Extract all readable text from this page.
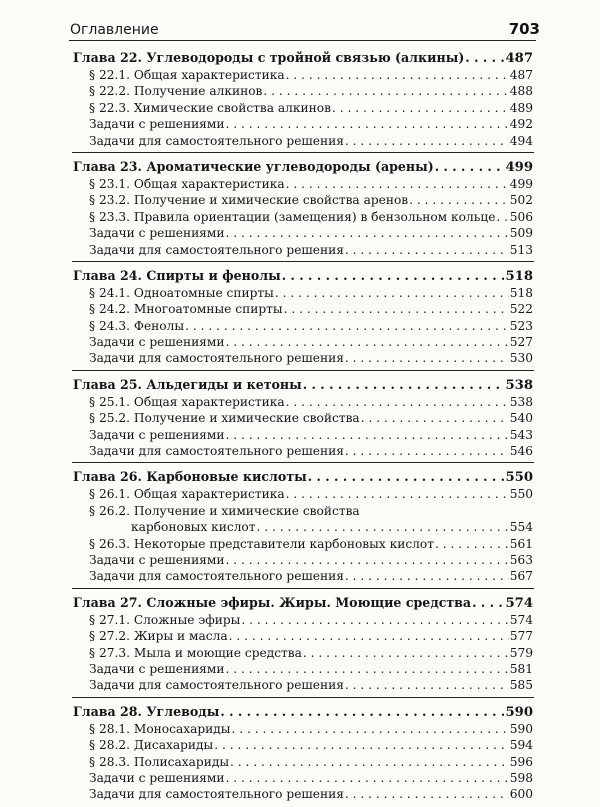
Оглавление	703
Глава 22. Углеводороды с тройной связью (алкины) . . .	487
§ 22.1. Общая характеристика . . .	487
§ 22.2. Получение алкинов . . .	488
§ 22.3. Химические свойства алкинов . . .	489
Задачи с решениями . . .	492
Задачи для самостоятельного решения . . .	494
Глава 23. Ароматические углеводороды (арены) . . .	499
§ 23.1. Общая характеристика . . .	499
§ 23.2. Получение и химические свойства аренов . . .	502
§ 23.3. Правила ориентации (замещения) в бензольном кольце . . . 506
Задачи с решениями . . .	509
Задачи для самостоятельного решения . . .	513
Глава 24. Спирты и фенолы . . .	518
§ 24.1. Одноатомные спирты . . .	518
§ 24.2. Многоатомные спирты . . .	522
§ 24.3. Фенолы . . .	523
Задачи с решениями . . .	527
Задачи для самостоятельного решения . . .	530
Глава 25. Альдегиды и кетоны . . .	538
§ 25.1. Общая характеристика . . .	538
§ 25.2. Получение и химические свойства . . .	540
Задачи с решениями . . .	543
Задачи для самостоятельного решения . . .	546
Глава 26. Карбоновые кислоты . . .	550
§ 26.1. Общая характеристика . . .	550
§ 26.2. Получение и химические свойства
карбоновых кислот . . .	554
§ 26.3. Некоторые представители карбоновых кислот . . .	561
Задачи с решениями . . .	563
Задачи для самостоятельного решения . . .	567
Глава 27. Сложные эфиры. Жиры. Моющие средства . . .	574
§ 27.1. Сложные эфиры . . .	574
§ 27.2. Жиры и масла . . .	577
§ 27.3. Мыла и моющие средства . . .	579
Задачи с решениями . . .	581
Задачи для самостоятельного решения . . .	585
Глава 28. Углеводы . . .	590
§ 28.1. Моносахариды . . .	590
§ 28.2. Дисахариды . . .	594
§ 28.3. Полисахариды . . .	596
Задачи с решениями . . .	598
Задачи для самостоятельного решения . . .	600
